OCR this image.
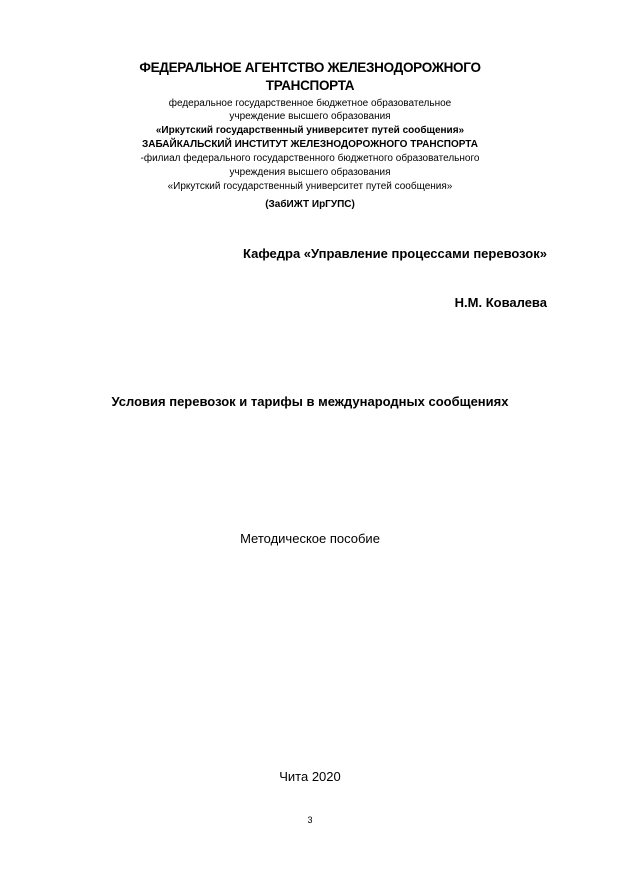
ФЕДЕРАЛЬНОЕ АГЕНТСТВО ЖЕЛЕЗНОДОРОЖНОГО
ТРАНСПОРТА
федеральное государственное бюджетное образовательное
учреждение высшего образования
«Иркутский государственный университет путей сообщения»
ЗАБАЙКАЛЬСКИЙ ИНСТИТУТ ЖЕЛЕЗНОДОРОЖНОГО ТРАНСПОРТА
-филиал федерального государственного бюджетного образовательного
учреждения высшего образования
«Иркутский государственный университет путей сообщения»
(ЗабИЖТ ИрГУПС)
Кафедра «Управление процессами перевозок»
Н.М. Ковалева
Условия перевозок и тарифы в международных сообщениях
Методическое пособие
Чита 2020
3
